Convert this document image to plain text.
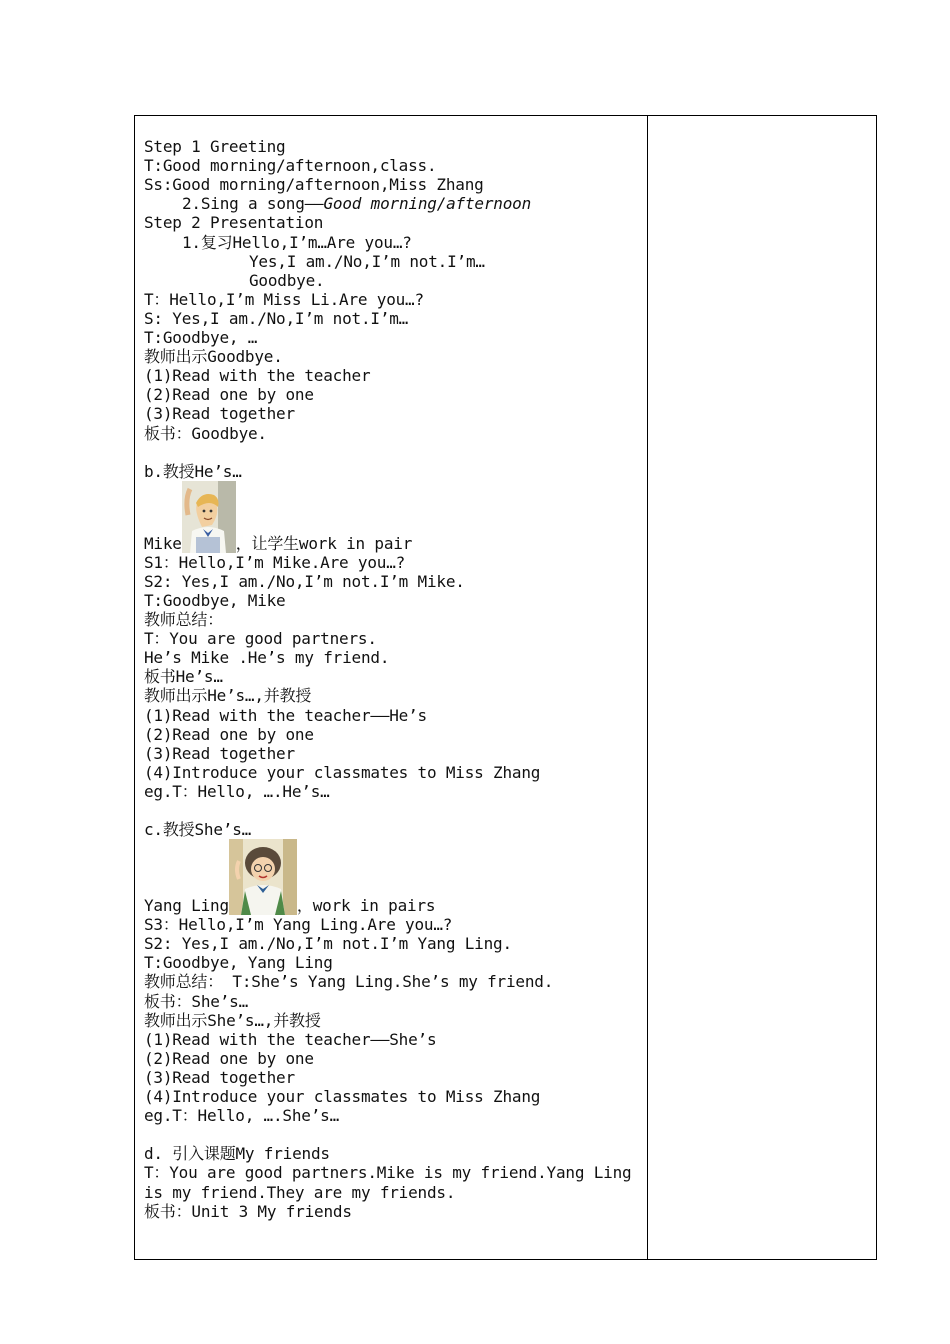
Step 1 Greeting
T:Good morning/afternoon,class.
Ss:Good morning/afternoon,Miss Zhang
2.Sing a song——Good morning/afternoon
Step 2 Presentation
1.复习Hello,I’m…Are you…?
Yes,I am./No,I’m not.I’m…
Goodbye.
T：Hello,I’m Miss Li.Are you…?
S: Yes,I am./No,I’m not.I’m…
T:Goodbye, …
教师出示Goodbye.
(1)Read with the teacher
(2)Read one by one
(3)Read together
板书：Goodbye.
b.教授He’s…
Mike	，让学生work in pair
S1：Hello,I’m Mike.Are you…?
S2: Yes,I am./No,I’m not.I’m Mike.
T:Goodbye, Mike
教师总结：
T：You are good partners.
He’s Mike .He’s my friend.
板书He’s…
教师出示He’s…,并教授
(1)Read with the teacher——He’s
(2)Read one by one
(3)Read together
(4)Introduce your classmates to Miss Zhang
eg.T：Hello, ….He’s…
c.教授She’s…
Yang Ling	，work in pairs
S3：Hello,I’m Yang Ling.Are you…?
S2: Yes,I am./No,I’m not.I’m Yang Ling.
T:Goodbye, Yang Ling
教师总结： T:She’s Yang Ling.She’s my friend.
板书：She’s…
教师出示She’s…,并教授
(1)Read with the teacher——She’s
(2)Read one by one
(3)Read together
(4)Introduce your classmates to Miss Zhang
eg.T：Hello, ….She’s…
d. 引入课题My friends
T：You are good partners.Mike is my friend.Yang Ling
is my friend.They are my friends.
板书：Unit 3 My friends
